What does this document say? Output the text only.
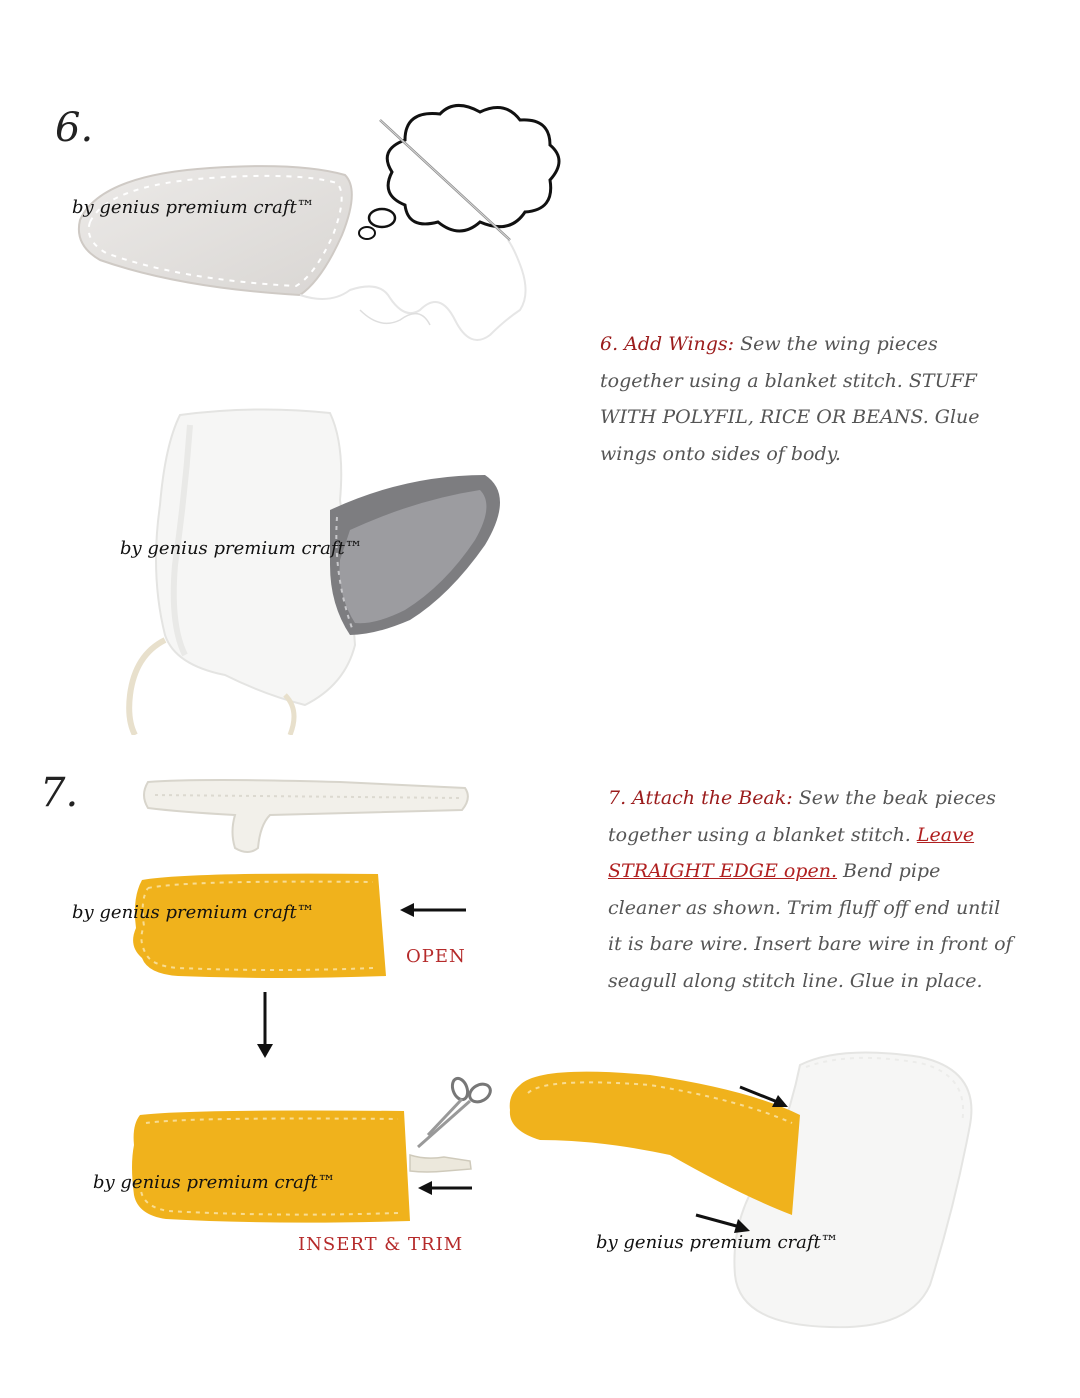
6.
by genius premium craft™
by genius premium craft™
6. Add Wings: Sew the wing pieces together using a blanket stitch. STUFF WITH POLYFIL, RICE OR BEANS. Glue wings onto sides of body.
7.
by genius premium craft™
OPEN
by genius premium craft™
INSERT & TRIM	by genius premium craft™
7. Attach the Beak: Sew the beak pieces together using a blanket stitch. Leave STRAIGHT EDGE open. Bend pipe cleaner as shown. Trim fluff off end until it is bare wire. Insert bare wire in front of seagull along stitch line. Glue in place.
